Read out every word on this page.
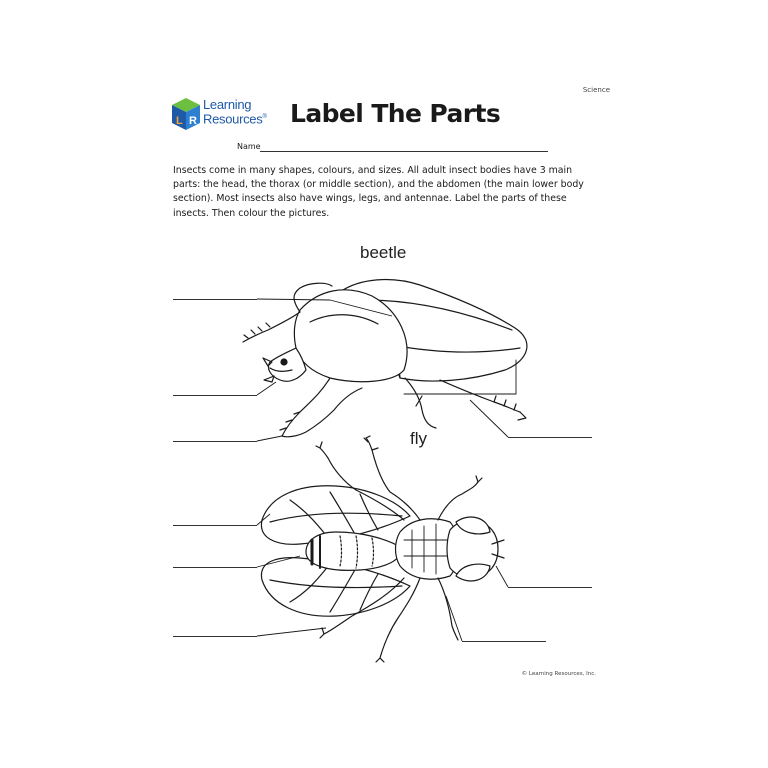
Science
L R
Learning
Resources® Label The Parts
Name
Insects come in many shapes, colours, and sizes. All adult insect bodies have 3 main parts: the head, the thorax (or middle section), and the abdomen (the main lower body section). Most insects also have wings, legs, and antennae. Label the parts of these insects. Then colour the pictures.
beetle
fly
© Learning Resources, Inc.
